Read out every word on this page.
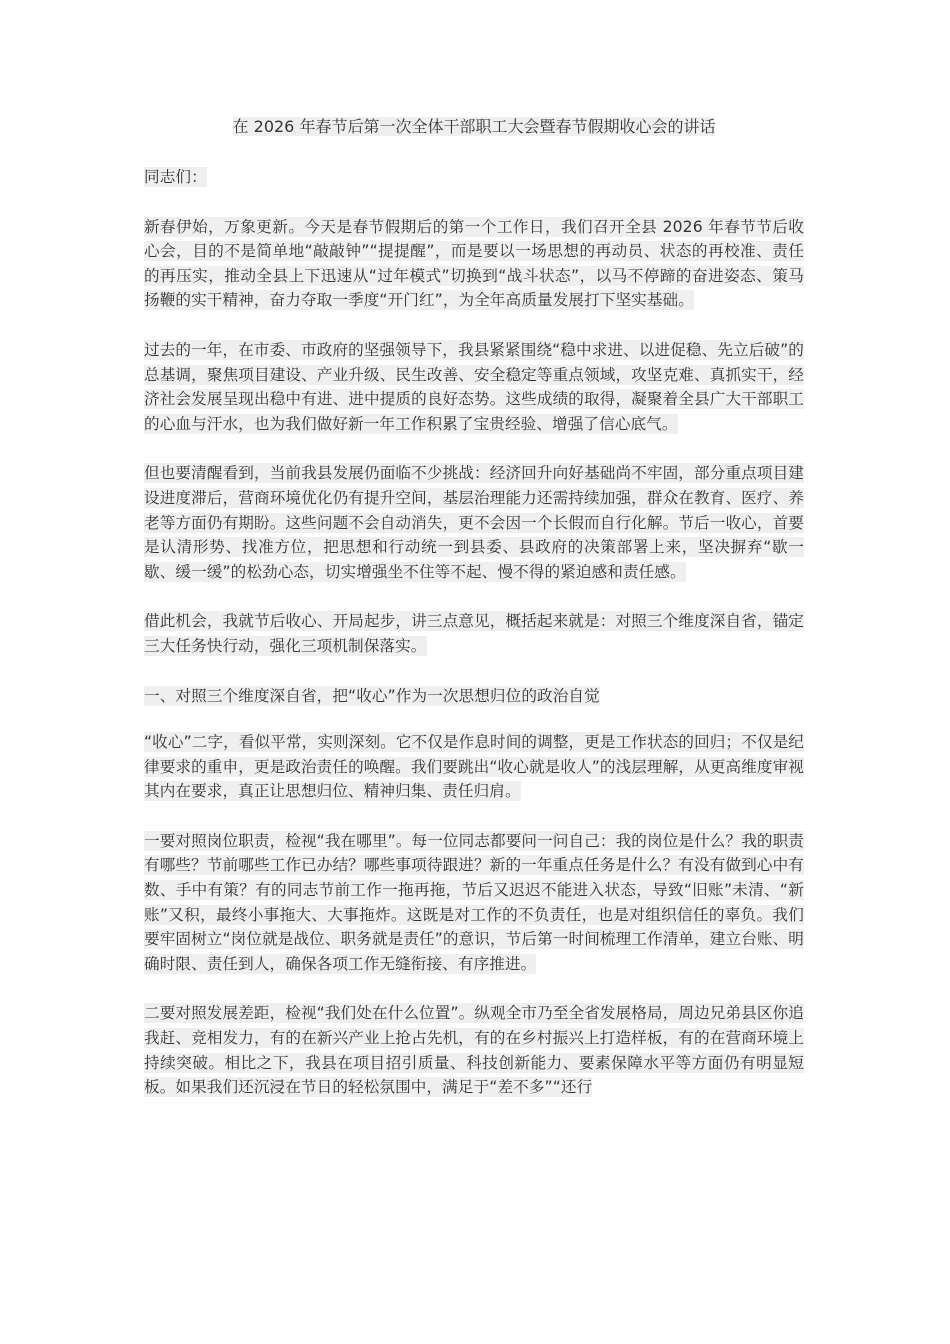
在 2026 年春节后第一次全体干部职工大会暨春节假期收心会的讲话
同志们：
新春伊始，万象更新。今天是春节假期后的第一个工作日，我们召开全县 2026 年春节节后收心会，目的不是简单地“敲敲钟”“提提醒”，而是要以一场思想的再动员、状态的再校准、责任的再压实，推动全县上下迅速从“过年模式”切换到“战斗状态”，以马不停蹄的奋进姿态、策马扬鞭的实干精神，奋力夺取一季度“开门红”，为全年高质量发展打下坚实基础。
过去的一年，在市委、市政府的坚强领导下，我县紧紧围绕“稳中求进、以进促稳、先立后破”的总基调，聚焦项目建设、产业升级、民生改善、安全稳定等重点领域，攻坚克难、真抓实干，经济社会发展呈现出稳中有进、进中提质的良好态势。这些成绩的取得，凝聚着全县广大干部职工的心血与汗水，也为我们做好新一年工作积累了宝贵经验、增强了信心底气。
但也要清醒看到，当前我县发展仍面临不少挑战：经济回升向好基础尚不牢固，部分重点项目建设进度滞后，营商环境优化仍有提升空间，基层治理能力还需持续加强，群众在教育、医疗、养老等方面仍有期盼。这些问题不会自动消失，更不会因一个长假而自行化解。节后一收心，首要是认清形势、找准方位，把思想和行动统一到县委、县政府的决策部署上来，坚决摒弃“歇一歇、缓一缓”的松劲心态，切实增强坐不住等不起、慢不得的紧迫感和责任感。
借此机会，我就节后收心、开局起步，讲三点意见，概括起来就是：对照三个维度深自省，锚定三大任务快行动，强化三项机制保落实。
一、对照三个维度深自省，把“收心”作为一次思想归位的政治自觉
“收心”二字，看似平常，实则深刻。它不仅是作息时间的调整，更是工作状态的回归；不仅是纪律要求的重申，更是政治责任的唤醒。我们要跳出“收心就是收人”的浅层理解，从更高维度审视其内在要求，真正让思想归位、精神归集、责任归肩。
一要对照岗位职责，检视“我在哪里”。每一位同志都要问一问自己：我的岗位是什么？我的职责有哪些？节前哪些工作已办结？哪些事项待跟进？新的一年重点任务是什么？有没有做到心中有数、手中有策？有的同志节前工作一拖再拖，节后又迟迟不能进入状态，导致“旧账”未清、“新账”又积，最终小事拖大、大事拖炸。这既是对工作的不负责任，也是对组织信任的辜负。我们要牢固树立“岗位就是战位、职务就是责任”的意识，节后第一时间梳理工作清单，建立台账、明确时限、责任到人，确保各项工作无缝衔接、有序推进。
二要对照发展差距，检视“我们处在什么位置”。纵观全市乃至全省发展格局，周边兄弟县区你追我赶、竞相发力，有的在新兴产业上抢占先机，有的在乡村振兴上打造样板，有的在营商环境上持续突破。相比之下，我县在项目招引质量、科技创新能力、要素保障水平等方面仍有明显短板。如果我们还沉浸在节日的轻松氛围中，满足于“差不多”“还行
